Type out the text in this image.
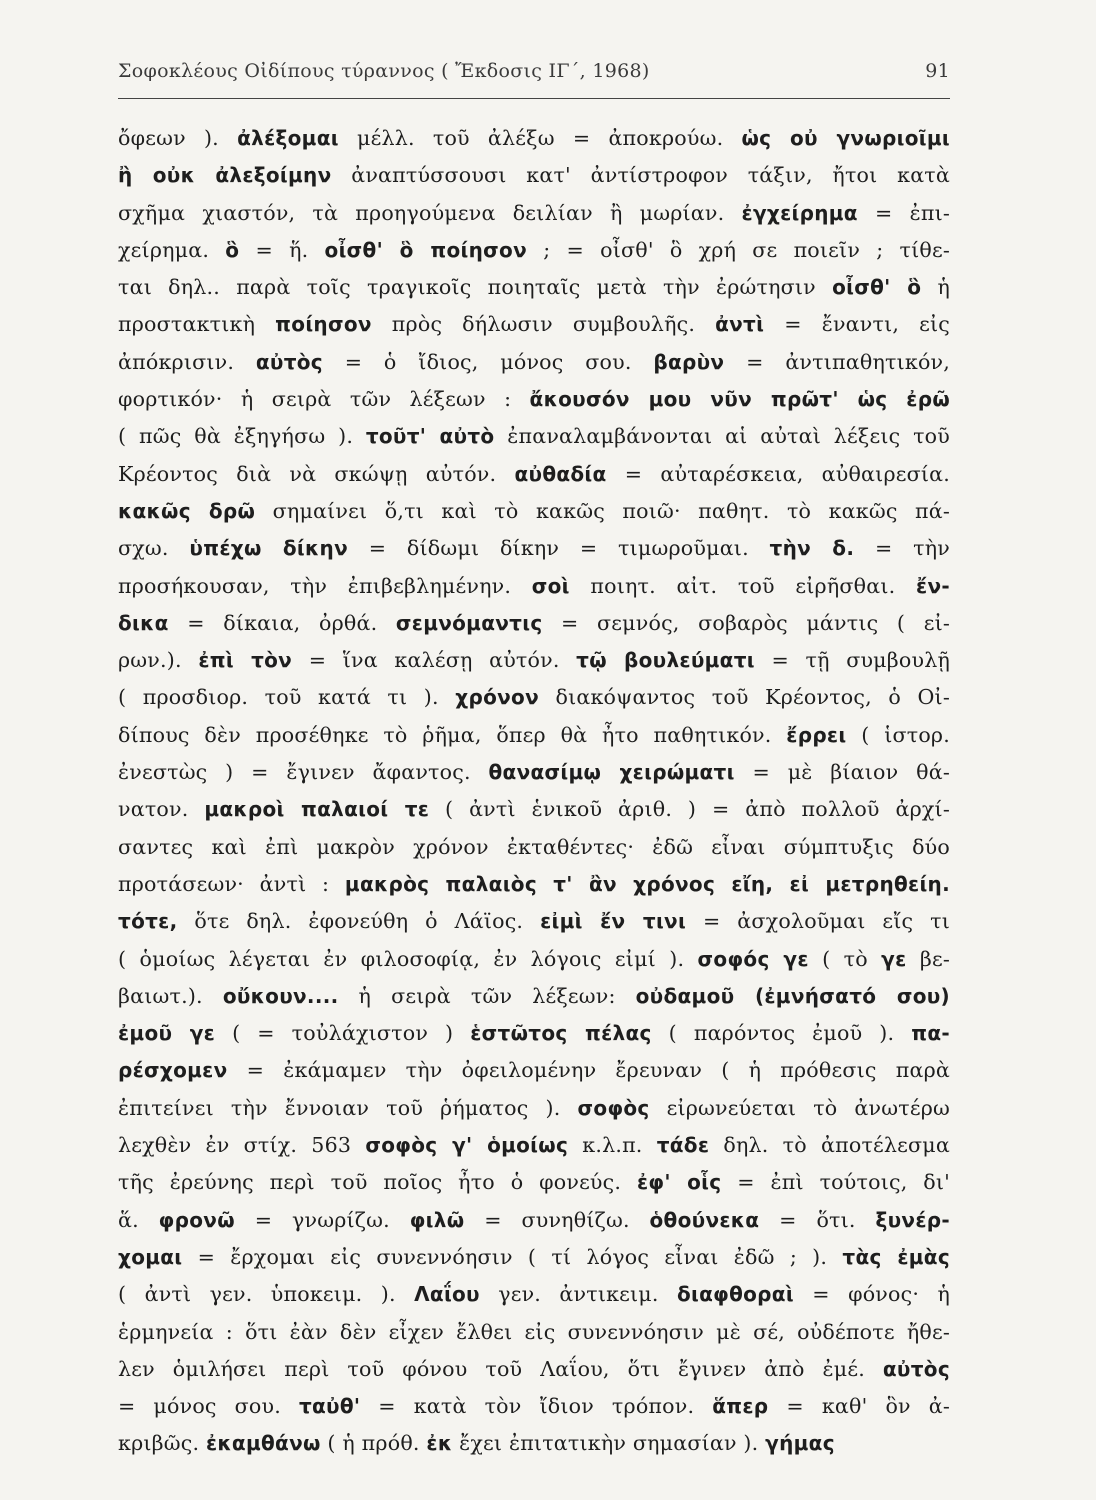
Σοφοκλέους Οἰδίπους τύραννος ( Ἔκδοσις ΙΓ΄, 1968)	91
ὄφεων ). ἀλέξομαι μέλλ. τοῦ ἀλέξω = ἀποκρούω. ὡς οὐ γνωριοῖμι
ἢ οὐκ ἀλεξοίμην ἀναπτύσσουσι κατ' ἀντίστροφον τάξιν, ἤτοι κατὰ
σχῆμα χιαστόν, τὰ προηγούμενα δειλίαν ἢ μωρίαν. ἐγχείρημα = ἐπι-
χείρημα. ὃ = ἥ. οἶσθ' ὃ ποίησον ; = οἶσθ' ὃ χρή σε ποιεῖν ; τίθε-
ται δηλ.. παρὰ τοῖς τραγικοῖς ποιηταῖς μετὰ τὴν ἐρώτησιν οἶσθ' ὃ ἡ
προστακτικὴ ποίησον πρὸς δήλωσιν συμβουλῆς. ἀντὶ = ἔναντι, εἰς
ἀπόκρισιν. αὐτὸς = ὁ ἴδιος, μόνος σου. βαρὺν = ἀντιπαθητικόν,
φορτικόν· ἡ σειρὰ τῶν λέξεων : ἄκουσόν μου νῦν πρῶτ' ὡς ἐρῶ
( πῶς θὰ ἐξηγήσω ). τοῦτ' αὐτὸ ἐπαναλαμβάνονται αἱ αὐταὶ λέξεις τοῦ
Κρέοντος διὰ νὰ σκώψῃ αὐτόν. αὐθαδία = αὐταρέσκεια, αὐθαιρεσία.
κακῶς δρῶ σημαίνει ὅ,τι καὶ τὸ κακῶς ποιῶ· παθητ. τὸ κακῶς πά-
σχω. ὑπέχω δίκην = δίδωμι δίκην = τιμωροῦμαι. τὴν δ. = τὴν
προσήκουσαν, τὴν ἐπιβεβλημένην. σοὶ ποιητ. αἰτ. τοῦ εἰρῆσθαι. ἔν-
δικα = δίκαια, ὀρθά. σεμνόμαντις = σεμνός, σοβαρὸς μάντις ( εἰ-
ρων.). ἐπὶ τὸν = ἵνα καλέσῃ αὐτόν. τῷ βουλεύματι = τῇ συμβουλῇ
( προσδιορ. τοῦ κατά τι ). χρόνον διακόψαντος τοῦ Κρέοντος, ὁ Οἰ-
δίπους δὲν προσέθηκε τὸ ῥῆμα, ὅπερ θὰ ἦτο παθητικόν. ἔρρει ( ἱστορ.
ἐνεστὼς ) = ἔγινεν ἄφαντος. θανασίμῳ χειρώματι = μὲ βίαιον θά-
νατον. μακροὶ παλαιοί τε ( ἀντὶ ἑνικοῦ ἀριθ. ) = ἀπὸ πολλοῦ ἀρχί-
σαντες καὶ ἐπὶ μακρὸν χρόνον ἐκταθέντες· ἐδῶ εἶναι σύμπτυξις δύο
προτάσεων· ἀντὶ : μακρὸς παλαιὸς τ' ἂν χρόνος εἴη, εἰ μετρηθείη.
τότε, ὅτε δηλ. ἐφονεύθη ὁ Λάϊος. εἰμὶ ἔν τινι = ἀσχολοῦμαι εἴς τι
( ὁμοίως λέγεται ἐν φιλοσοφίᾳ, ἐν λόγοις εἰμί ). σοφός γε ( τὸ γε βε-
βαιωτ.). οὔκουν.... ἡ σειρὰ τῶν λέξεων: οὐδαμοῦ (ἐμνήσατό σου)
ἐμοῦ γε ( = τοὐλάχιστον ) ἑστῶτος πέλας ( παρόντος ἐμοῦ ). πα-
ρέσχομεν = ἐκάμαμεν τὴν ὀφειλομένην ἔρευναν ( ἡ πρόθεσις παρὰ
ἐπιτείνει τὴν ἔννοιαν τοῦ ῥήματος ). σοφὸς εἰρωνεύεται τὸ ἀνωτέρω
λεχθὲν ἐν στίχ. 563 σοφὸς γ' ὁμοίως κ.λ.π. τάδε δηλ. τὸ ἀποτέλεσμα
τῆς ἐρεύνης περὶ τοῦ ποῖος ἦτο ὁ φονεύς. ἐφ' οἷς = ἐπὶ τούτοις, δι'
ἅ. φρονῶ = γνωρίζω. φιλῶ = συνηθίζω. ὁθούνεκα = ὅτι. ξυνέρ-
χομαι = ἔρχομαι εἰς συνεννόησιν ( τί λόγος εἶναι ἐδῶ ; ). τὰς ἐμὰς
( ἀντὶ γεν. ὑποκειμ. ). Λαΐου γεν. ἀντικειμ. διαφθοραὶ = φόνος· ἡ
ἑρμηνεία : ὅτι ἐὰν δὲν εἶχεν ἔλθει εἰς συνεννόησιν μὲ σέ, οὐδέποτε ἤθε-
λεν ὁμιλήσει περὶ τοῦ φόνου τοῦ Λαΐου, ὅτι ἔγινεν ἀπὸ ἐμέ. αὐτὸς
= μόνος σου. ταὐθ' = κατὰ τὸν ἴδιον τρόπον. ἅπερ = καθ' ὃν ἀ-
κριβῶς. ἐκαμθάνω ( ἡ πρόθ. ἐκ ἔχει ἐπιτατικὴν σημασίαν ). γήμας
